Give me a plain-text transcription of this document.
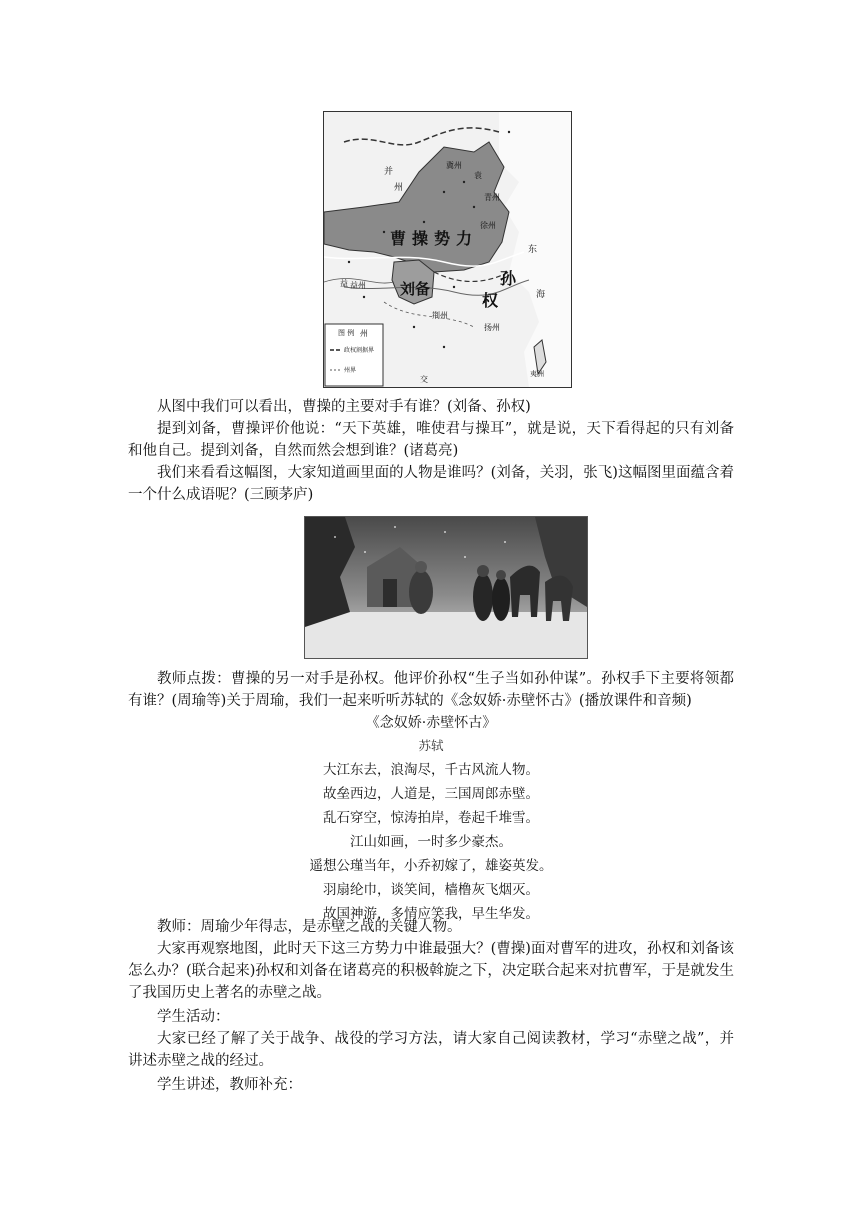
曹操势力
刘备
孙
权
并
州
冀州
青州
徐州
扬州
荆州
益州
交
东
袁
海
益
州
夷洲
图 例
政权割据界
州界
从图中我们可以看出，曹操的主要对手有谁？(刘备、孙权)
提到刘备，曹操评价他说：“天下英雄，唯使君与操耳”，就是说，天下看得起的只有刘备和他自己。提到刘备，自然而然会想到谁？(诸葛亮)
我们来看看这幅图，大家知道画里面的人物是谁吗？(刘备，关羽，张飞)这幅图里面蕴含着一个什么成语呢？(三顾茅庐)
教师点拨：曹操的另一对手是孙权。他评价孙权“生子当如孙仲谋”。孙权手下主要将领都有谁？(周瑜等)关于周瑜，我们一起来听听苏轼的《念奴娇·赤壁怀古》(播放课件和音频)
《念奴娇·赤壁怀古》
苏轼
大江东去，浪淘尽，千古风流人物。
故垒西边，人道是，三国周郎赤壁。
乱石穿空，惊涛拍岸，卷起千堆雪。
江山如画，一时多少豪杰。
遥想公瑾当年，小乔初嫁了，雄姿英发。
羽扇纶巾，谈笑间，樯橹灰飞烟灭。
故国神游，多情应笑我，早生华发。
教师：周瑜少年得志，是赤壁之战的关键人物。
大家再观察地图，此时天下这三方势力中谁最强大？(曹操)面对曹军的进攻，孙权和刘备该怎么办？(联合起来)孙权和刘备在诸葛亮的积极斡旋之下，决定联合起来对抗曹军，于是就发生了我国历史上著名的赤壁之战。
学生活动：
大家已经了解了关于战争、战役的学习方法，请大家自己阅读教材，学习“赤壁之战”，并讲述赤壁之战的经过。
学生讲述，教师补充：
